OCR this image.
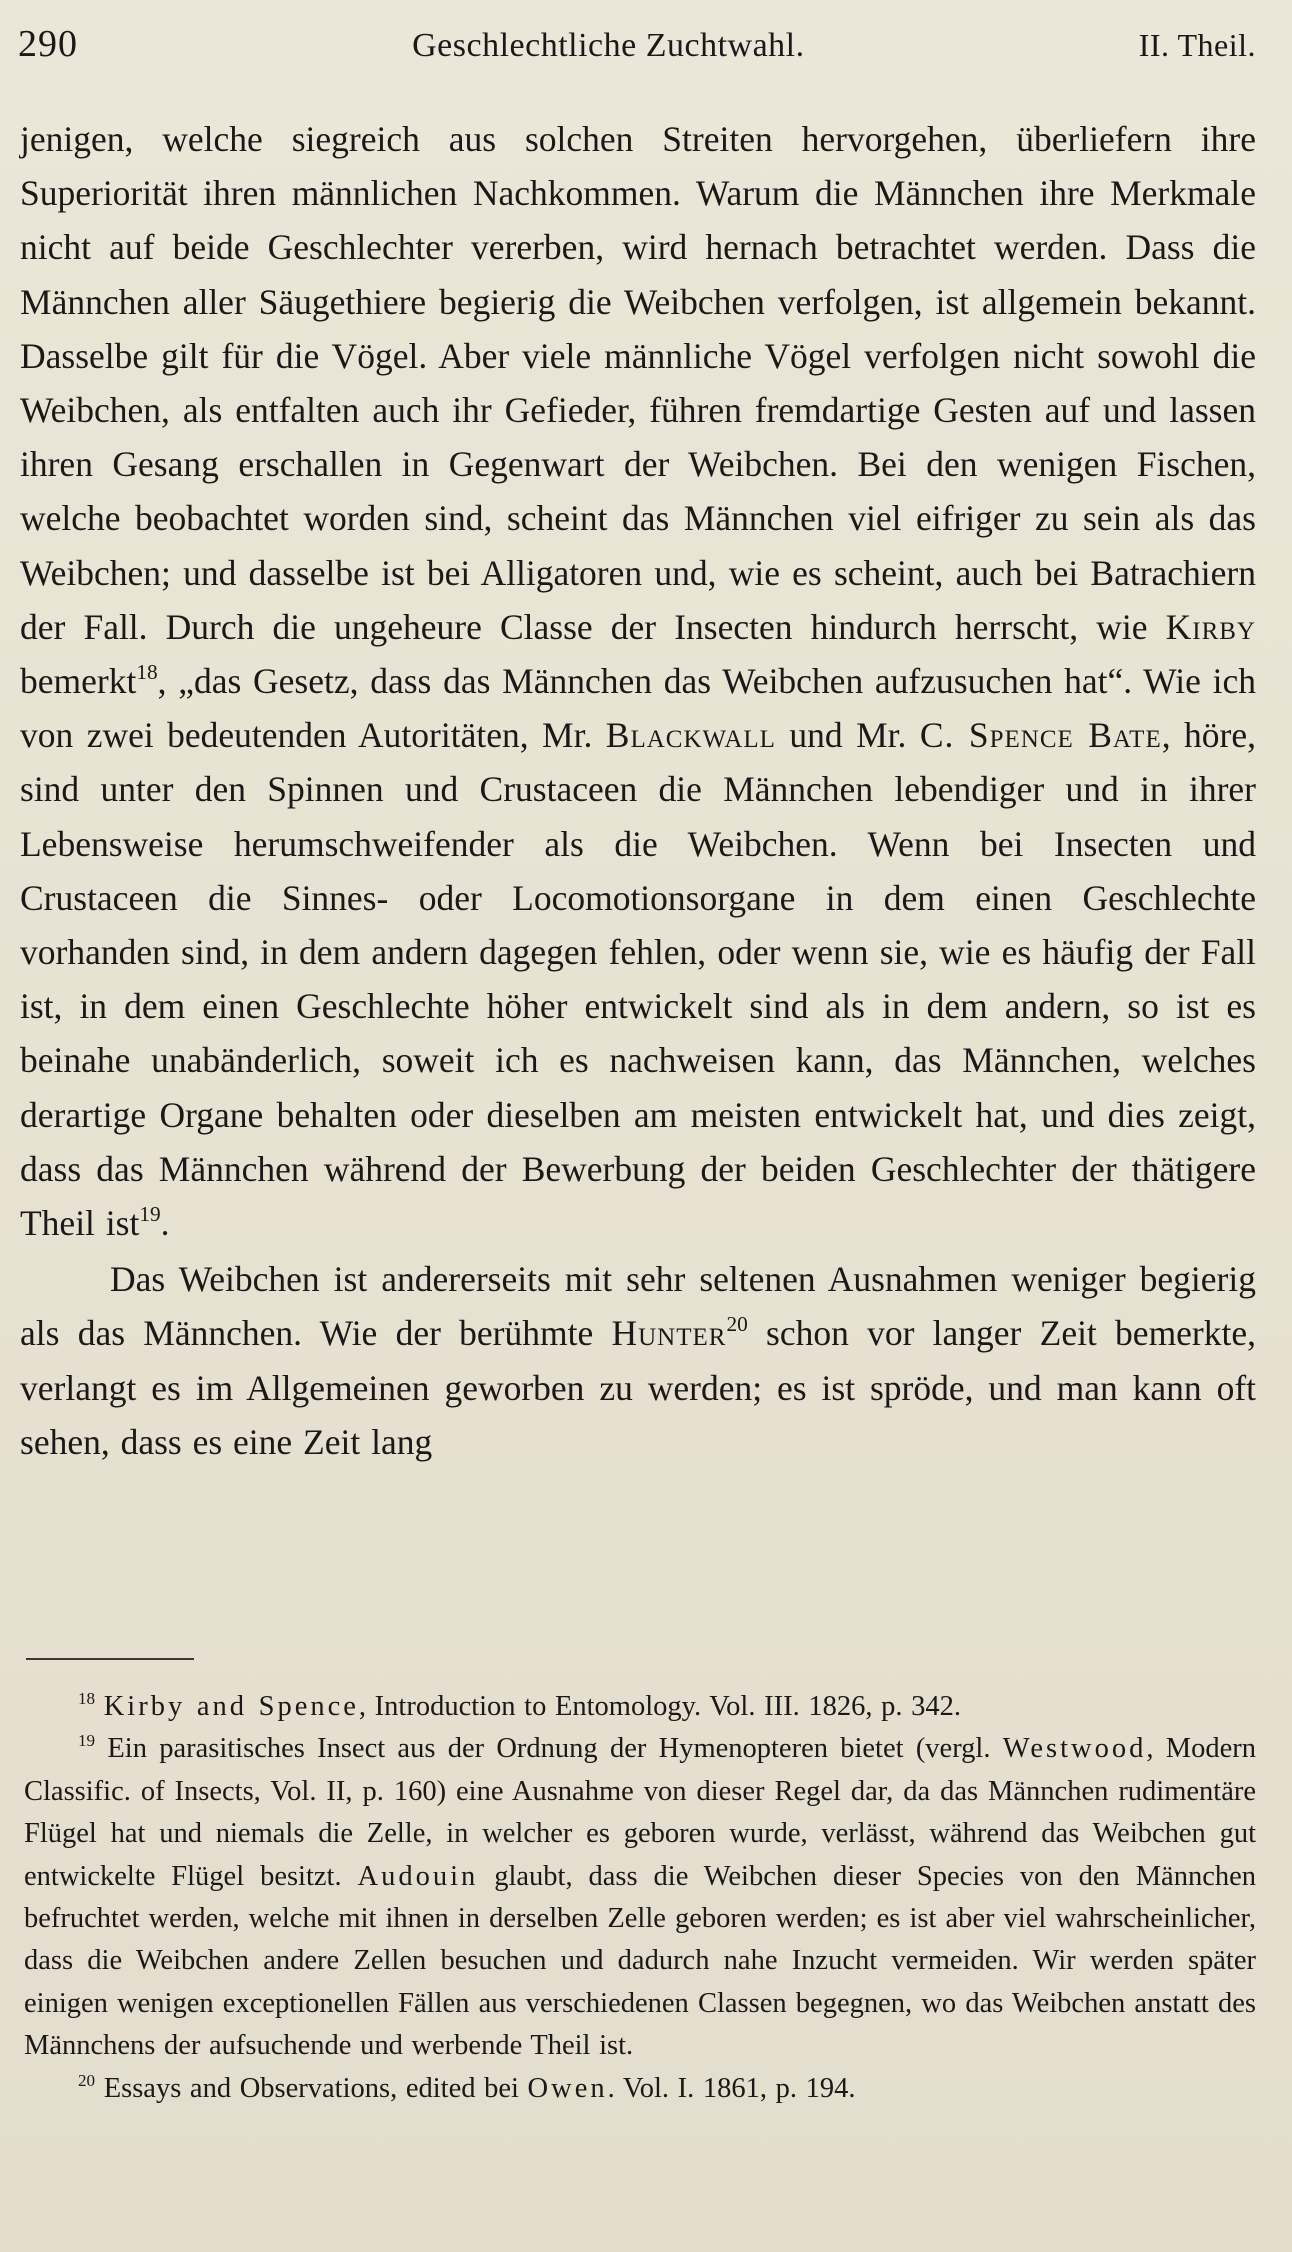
290	Geschlechtliche Zuchtwahl.	II. Theil.

jenigen, welche siegreich aus solchen Streiten hervorgehen, überliefern ihre Superiorität ihren männlichen Nachkommen. Warum die Männchen ihre Merkmale nicht auf beide Geschlechter vererben, wird hernach betrachtet werden. Dass die Männchen aller Säugethiere begierig die Weibchen verfolgen, ist allgemein bekannt. Dasselbe gilt für die Vögel. Aber viele männliche Vögel verfolgen nicht sowohl die Weibchen, als entfalten auch ihr Gefieder, führen fremdartige Gesten auf und lassen ihren Gesang erschallen in Gegenwart der Weibchen. Bei den wenigen Fischen, welche beobachtet worden sind, scheint das Männchen viel eifriger zu sein als das Weibchen; und dasselbe ist bei Alligatoren und, wie es scheint, auch bei Batrachiern der Fall. Durch die ungeheure Classe der Insecten hindurch herrscht, wie Kirby bemerkt$^{18}$, „das Gesetz, dass das Männchen das Weibchen aufzusuchen hat“. Wie ich von zwei bedeutenden Autoritäten, Mr. Blackwall und Mr. C. Spence Bate, höre, sind unter den Spinnen und Crustaceen die Männchen lebendiger und in ihrer Lebensweise herumschweifender als die Weibchen. Wenn bei Insecten und Crustaceen die Sinnes- oder Locomotionsorgane in dem einen Geschlechte vorhanden sind, in dem andern dagegen fehlen, oder wenn sie, wie es häufig der Fall ist, in dem einen Geschlechte höher entwickelt sind als in dem andern, so ist es beinahe unabänderlich, soweit ich es nachweisen kann, das Männchen, welches derartige Organe behalten oder dieselben am meisten entwickelt hat, und dies zeigt, dass das Männchen während der Bewerbung der beiden Geschlechter der thätigere Theil ist$^{19}$.

Das Weibchen ist andererseits mit sehr seltenen Ausnahmen weniger begierig als das Männchen. Wie der berühmte Hunter$^{20}$ schon vor langer Zeit bemerkte, verlangt es im Allgemeinen geworben zu werden; es ist spröde, und man kann oft sehen, dass es eine Zeit lang

$^{18}$ Kirby and Spence, Introduction to Entomology. Vol. III. 1826, p. 342.

$^{19}$ Ein parasitisches Insect aus der Ordnung der Hymenopteren bietet (vergl. Westwood, Modern Classific. of Insects, Vol. II, p. 160) eine Ausnahme von dieser Regel dar, da das Männchen rudimentäre Flügel hat und niemals die Zelle, in welcher es geboren wurde, verlässt, während das Weibchen gut entwickelte Flügel besitzt. Audouin glaubt, dass die Weibchen dieser Species von den Männchen befruchtet werden, welche mit ihnen in derselben Zelle geboren werden; es ist aber viel wahrscheinlicher, dass die Weibchen andere Zellen besuchen und dadurch nahe Inzucht vermeiden. Wir werden später einigen wenigen exceptionellen Fällen aus verschiedenen Classen begegnen, wo das Weibchen anstatt des Männchens der aufsuchende und werbende Theil ist.

$^{20}$ Essays and Observations, edited bei Owen. Vol. I. 1861, p. 194.
